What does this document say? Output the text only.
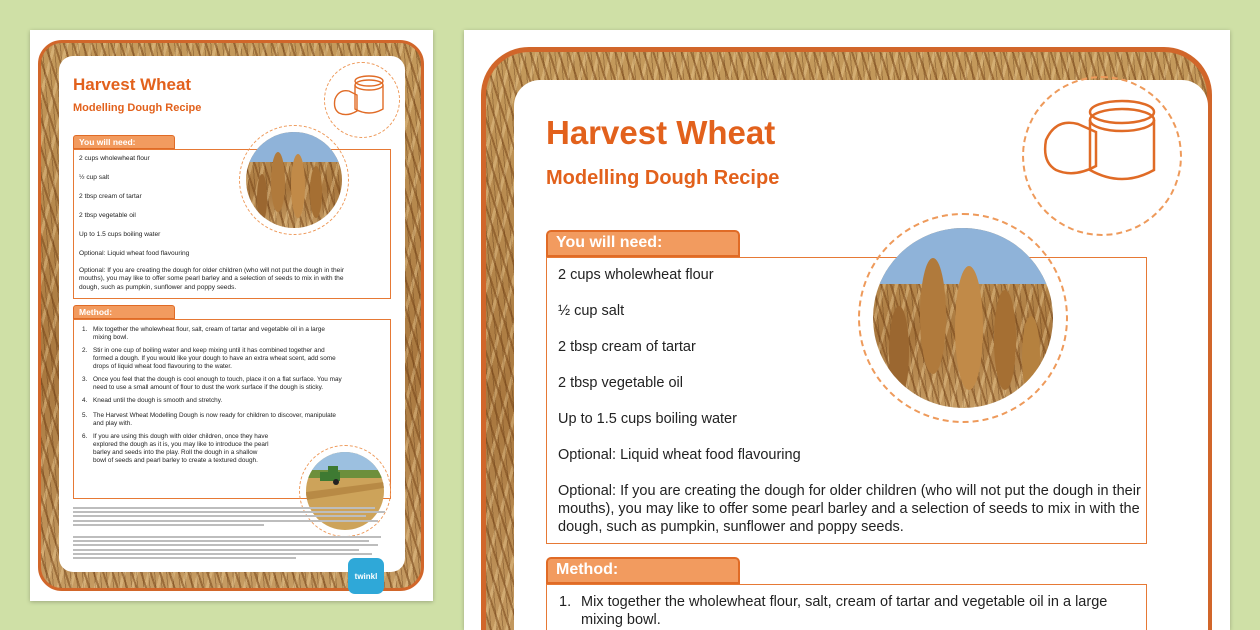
Harvest Wheat
Modelling Dough Recipe
You will need:
2 cups wholewheat flour
½ cup salt
2 tbsp cream of tartar
2 tbsp vegetable oil
Up to 1.5 cups boiling water
Optional: Liquid wheat food flavouring
Optional: If you are creating the dough for older children (who will not put the dough in their
mouths), you may like to offer some pearl barley and a selection of seeds to mix in with the
dough, such as pumpkin, sunflower and poppy seeds.
Method:
1. Mix together the wholewheat flour, salt, cream of tartar and vegetable oil in a large
mixing bowl.
2. Stir in one cup of boiling water and keep mixing until it has combined together and
formed a dough. If you would like your dough to have an extra wheat scent, add some
drops of liquid wheat food flavouring to the water.
3. Once you feel that the dough is cool enough to touch, place it on a flat surface. You may
need to use a small amount of flour to dust the work surface if the dough is sticky.
4. Knead until the dough is smooth and stretchy.
5. The Harvest Wheat Modelling Dough is now ready for children to discover, manipulate
and play with.
6. If you are using this dough with older children, once they have
explored the dough as it is, you may like to introduce the pearl
barley and seeds into the play. Roll the dough in a shallow
bowl of seeds and pearl barley to create a textured dough.
twinkl
Harvest Wheat
Modelling Dough Recipe
You will need:
2 cups wholewheat flour
½ cup salt
2 tbsp cream of tartar
2 tbsp vegetable oil
Up to 1.5 cups boiling water
Optional: Liquid wheat food flavouring
Optional: If you are creating the dough for older children (who will not put the dough in their
mouths), you may like to offer some pearl barley and a selection of seeds to mix in with the
dough, such as pumpkin, sunflower and poppy seeds.
Method:
1. Mix together the wholewheat flour, salt, cream of tartar and vegetable oil in a large
mixing bowl.
